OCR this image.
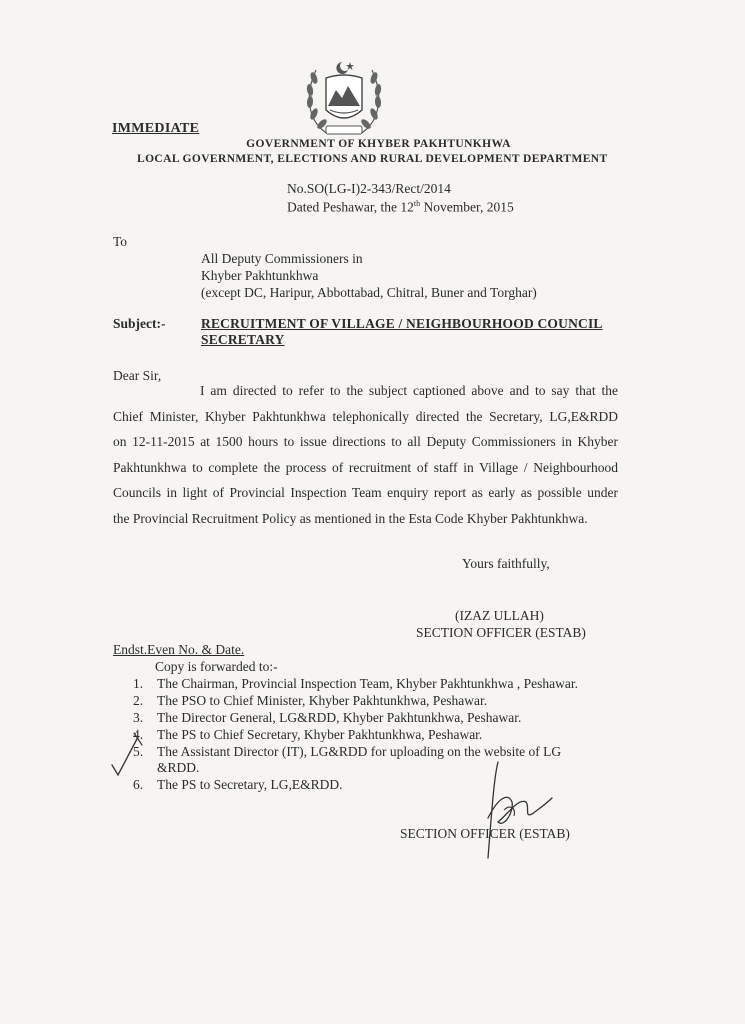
IMMEDIATE
GOVERNMENT OF KHYBER PAKHTUNKHWA
LOCAL GOVERNMENT, ELECTIONS AND RURAL DEVELOPMENT DEPARTMENT
No.SO(LG-I)2-343/Rect/2014
Dated Peshawar, the 12th November, 2015
To
All Deputy Commissioners in
Khyber Pakhtunkhwa
(except DC, Haripur, Abbottabad, Chitral, Buner and Torghar)
Subject:-	RECRUITMENT OF VILLAGE / NEIGHBOURHOOD COUNCIL
SECRETARY
Dear Sir,
I am directed to refer to the subject captioned above and to say that the
Chief Minister, Khyber Pakhtunkhwa telephonically directed the Secretary, LG,E&RDD
on 12-11-2015 at 1500 hours to issue directions to all Deputy Commissioners in Khyber
Pakhtunkhwa to complete the process of recruitment of staff in Village / Neighbourhood
Councils in light of Provincial Inspection Team enquiry report as early as possible under
the Provincial Recruitment Policy as mentioned in the Esta Code Khyber Pakhtunkhwa.
Yours faithfully,
(IZAZ ULLAH)
SECTION OFFICER (ESTAB)
Endst.Even No. & Date.
Copy is forwarded to:-
1. The Chairman, Provincial Inspection Team, Khyber Pakhtunkhwa , Peshawar.
2. The PSO to Chief Minister, Khyber Pakhtunkhwa, Peshawar.
3. The Director General, LG&RDD, Khyber Pakhtunkhwa, Peshawar.
4. The PS to Chief Secretary, Khyber Pakhtunkhwa, Peshawar.
5. The Assistant Director (IT), LG&RDD for uploading on the website of LG
&RDD.
6. The PS to Secretary, LG,E&RDD.
SECTION OFFICER (ESTAB)
